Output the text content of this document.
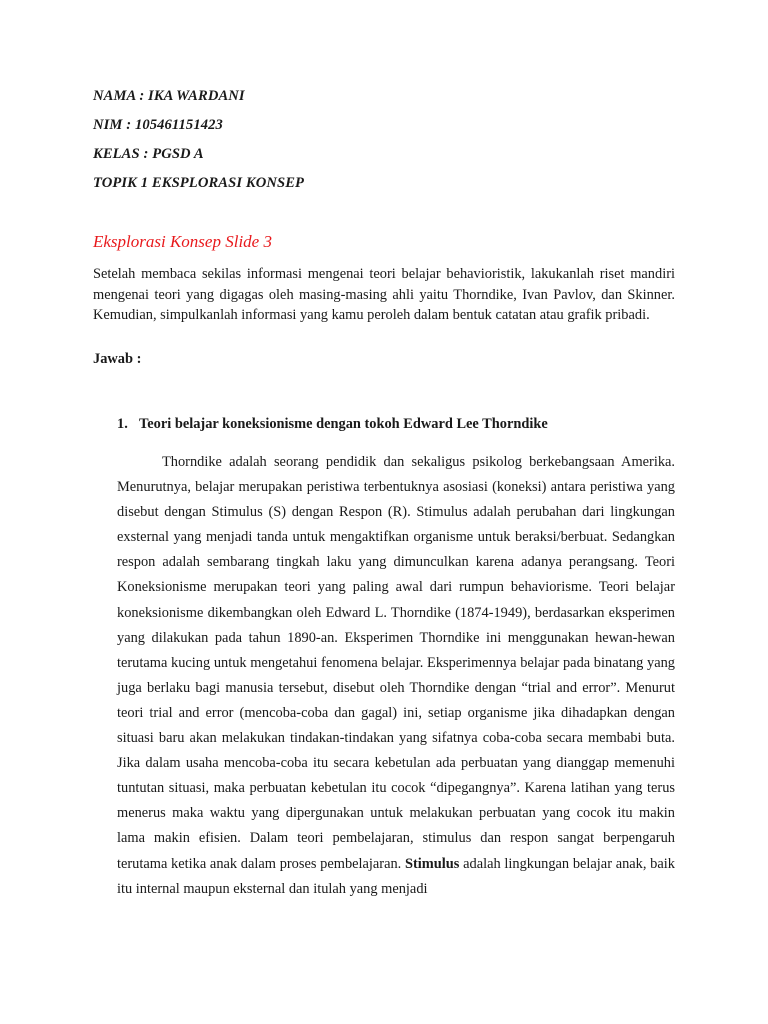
NAMA : IKA WARDANI
NIM : 105461151423
KELAS : PGSD A
TOPIK 1 EKSPLORASI KONSEP
Eksplorasi Konsep Slide 3

Setelah membaca sekilas informasi mengenai teori belajar behavioristik, lakukanlah riset mandiri mengenai teori yang digagas oleh masing-masing ahli yaitu Thorndike, Ivan Pavlov, dan Skinner. Kemudian, simpulkanlah informasi yang kamu peroleh dalam bentuk catatan atau grafik pribadi.

Jawab :
1. Teori belajar koneksionisme dengan tokoh Edward Lee Thorndike

Thorndike adalah seorang pendidik dan sekaligus psikolog berkebangsaan Amerika. Menurutnya, belajar merupakan peristiwa terbentuknya asosiasi (koneksi) antara peristiwa yang disebut dengan Stimulus (S) dengan Respon (R). Stimulus adalah perubahan dari lingkungan exsternal yang menjadi tanda untuk mengaktifkan organisme untuk beraksi/berbuat. Sedangkan respon adalah sembarang tingkah laku yang dimunculkan karena adanya perangsang. Teori Koneksionisme merupakan teori yang paling awal dari rumpun behaviorisme. Teori belajar koneksionisme dikembangkan oleh Edward L. Thorndike (1874-1949), berdasarkan eksperimen yang dilakukan pada tahun 1890-an. Eksperimen Thorndike ini menggunakan hewan-hewan terutama kucing untuk mengetahui fenomena belajar. Eksperimennya belajar pada binatang yang juga berlaku bagi manusia tersebut, disebut oleh Thorndike dengan “trial and error”. Menurut teori trial and error (mencoba-coba dan gagal) ini, setiap organisme jika dihadapkan dengan situasi baru akan melakukan tindakan-tindakan yang sifatnya coba-coba secara membabi buta. Jika dalam usaha mencoba-coba itu secara kebetulan ada perbuatan yang dianggap memenuhi tuntutan situasi, maka perbuatan kebetulan itu cocok “dipegangnya”. Karena latihan yang terus menerus maka waktu yang dipergunakan untuk melakukan perbuatan yang cocok itu makin lama makin efisien. Dalam teori pembelajaran, stimulus dan respon sangat berpengaruh terutama ketika anak dalam proses pembelajaran. Stimulus adalah lingkungan belajar anak, baik itu internal maupun eksternal dan itulah yang menjadi
